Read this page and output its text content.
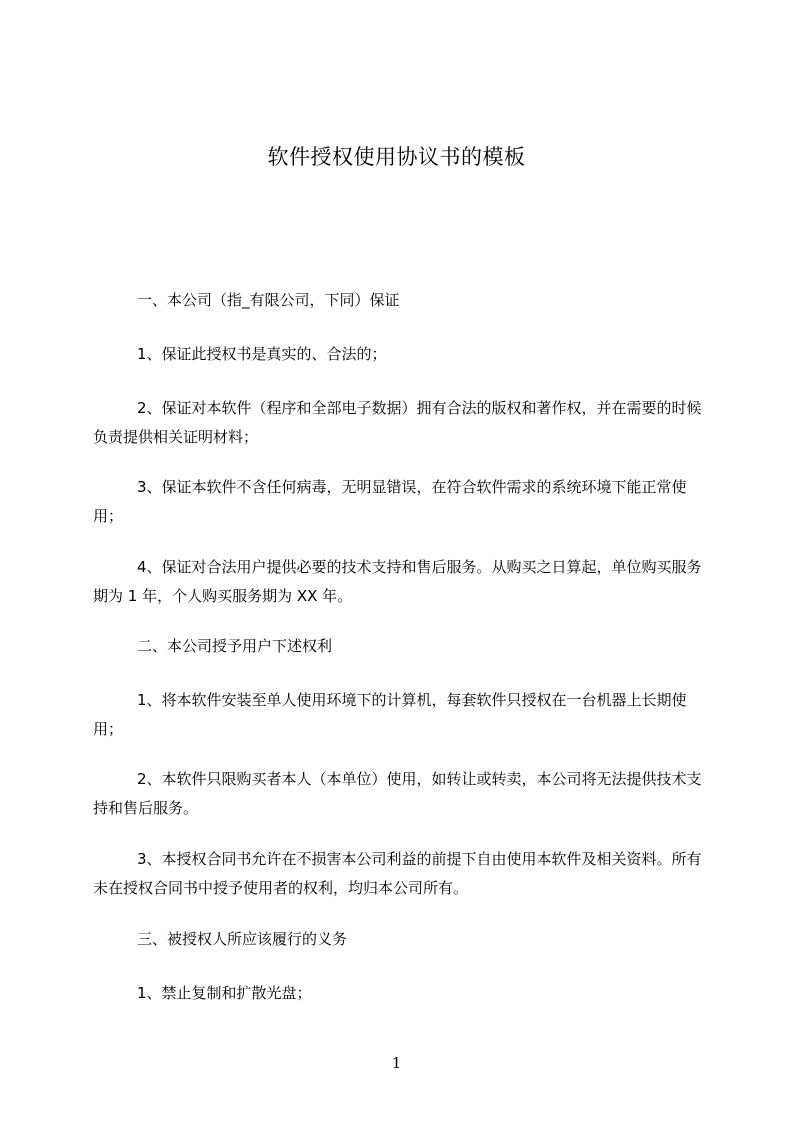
软件授权使用协议书的模板

一、本公司（指_有限公司，下同）保证

1、保证此授权书是真实的、合法的；

2、保证对本软件（程序和全部电子数据）拥有合法的版权和著作权，并在需要的时候负责提供相关证明材料；

3、保证本软件不含任何病毒，无明显错误，在符合软件需求的系统环境下能正常使用；

4、保证对合法用户提供必要的技术支持和售后服务。从购买之日算起，单位购买服务期为 1 年，个人购买服务期为 XX 年。

二、本公司授予用户下述权利

1、将本软件安装至单人使用环境下的计算机，每套软件只授权在一台机器上长期使用；

2、本软件只限购买者本人（本单位）使用，如转让或转卖，本公司将无法提供技术支持和售后服务。

3、本授权合同书允许在不损害本公司利益的前提下自由使用本软件及相关资料。所有未在授权合同书中授予使用者的权利，均归本公司所有。

三、被授权人所应该履行的义务

1、禁止复制和扩散光盘；

1
